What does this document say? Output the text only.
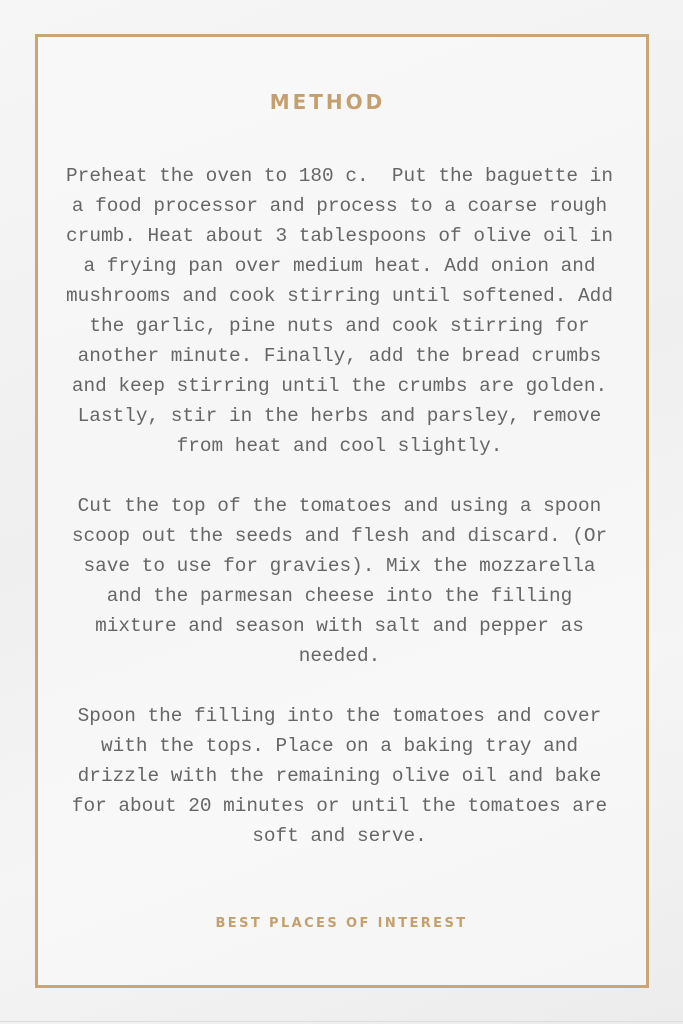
METHOD
Preheat the oven to 180 c.  Put the baguette in
a food processor and process to a coarse rough
crumb. Heat about 3 tablespoons of olive oil in
a frying pan over medium heat. Add onion and
mushrooms and cook stirring until softened. Add
the garlic, pine nuts and cook stirring for
another minute. Finally, add the bread crumbs
and keep stirring until the crumbs are golden.
Lastly, stir in the herbs and parsley, remove
from heat and cool slightly.
Cut the top of the tomatoes and using a spoon
scoop out the seeds and flesh and discard. (Or
save to use for gravies). Mix the mozzarella
and the parmesan cheese into the filling
mixture and season with salt and pepper as
needed.
Spoon the filling into the tomatoes and cover
with the tops. Place on a baking tray and
drizzle with the remaining olive oil and bake
for about 20 minutes or until the tomatoes are
soft and serve.
BEST PLACES OF INTEREST
